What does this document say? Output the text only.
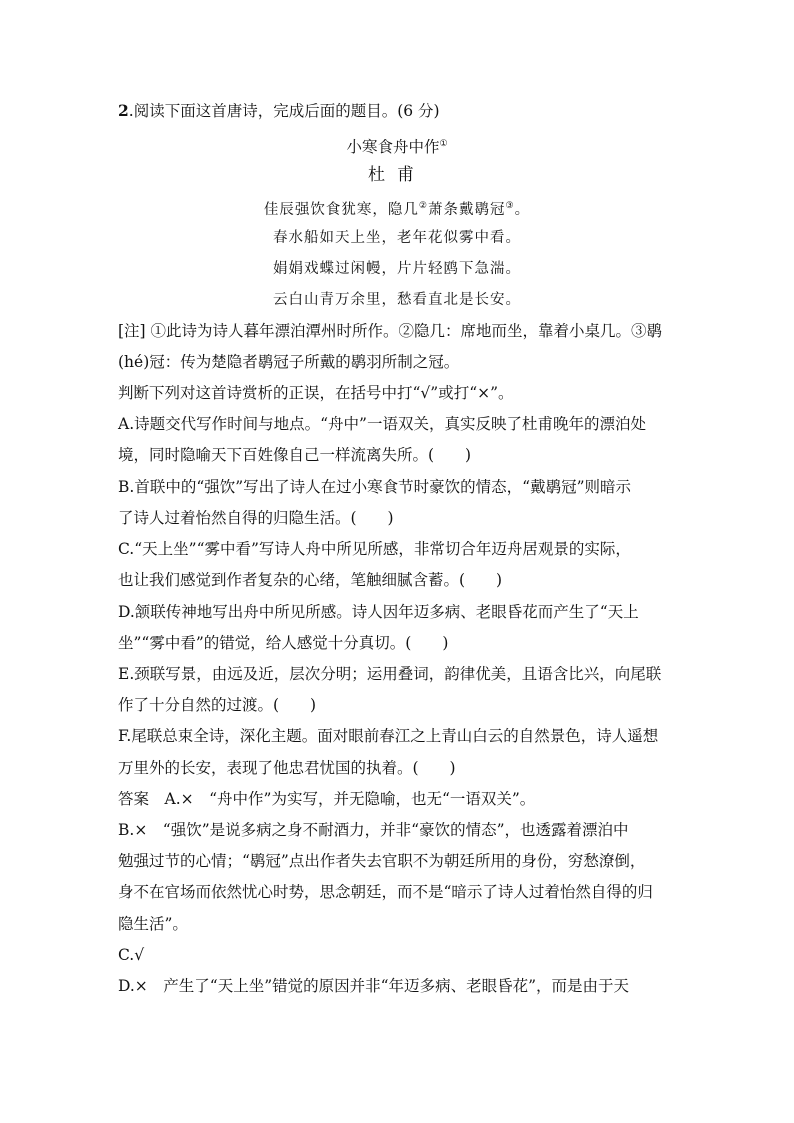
2.阅读下面这首唐诗，完成后面的题目。(6 分)
小寒食舟中作①
杜甫
佳辰强饮食犹寒，隐几②萧条戴鹖冠③。
春水船如天上坐，老年花似雾中看。
娟娟戏蝶过闲幔，片片轻鸥下急湍。
云白山青万余里，愁看直北是长安。
[注] ①此诗为诗人暮年漂泊潭州时所作。②隐几：席地而坐，靠着小桌几。③鹖
(hé)冠：传为楚隐者鹖冠子所戴的鹖羽所制之冠。
判断下列对这首诗赏析的正误，在括号中打“√”或打“×”。
A.诗题交代写作时间与地点。“舟中”一语双关，真实反映了杜甫晚年的漂泊处
境，同时隐喻天下百姓像自己一样流离失所。(　　)
B.首联中的“强饮”写出了诗人在过小寒食节时豪饮的情态，“戴鹖冠”则暗示
了诗人过着怡然自得的归隐生活。(　　)
C.“天上坐”“雾中看”写诗人舟中所见所感，非常切合年迈舟居观景的实际，
也让我们感觉到作者复杂的心绪，笔触细腻含蓄。(　　)
D.颔联传神地写出舟中所见所感。诗人因年迈多病、老眼昏花而产生了“天上
坐”“雾中看”的错觉，给人感觉十分真切。(　　)
E.颈联写景，由远及近，层次分明；运用叠词，韵律优美，且语含比兴，向尾联
作了十分自然的过渡。(　　)
F.尾联总束全诗，深化主题。面对眼前春江之上青山白云的自然景色，诗人遥想
万里外的长安，表现了他忠君忧国的执着。(　　)
答案　A.×　“舟中作”为实写，并无隐喻，也无“一语双关”。
B.×　“强饮”是说多病之身不耐酒力，并非“豪饮的情态”，也透露着漂泊中
勉强过节的心情；“鹖冠”点出作者失去官职不为朝廷所用的身份，穷愁潦倒，
身不在官场而依然忧心时势，思念朝廷，而不是“暗示了诗人过着怡然自得的归
隐生活”。
C.√
D.×　产生了“天上坐”错觉的原因并非“年迈多病、老眼昏花”，而是由于天
